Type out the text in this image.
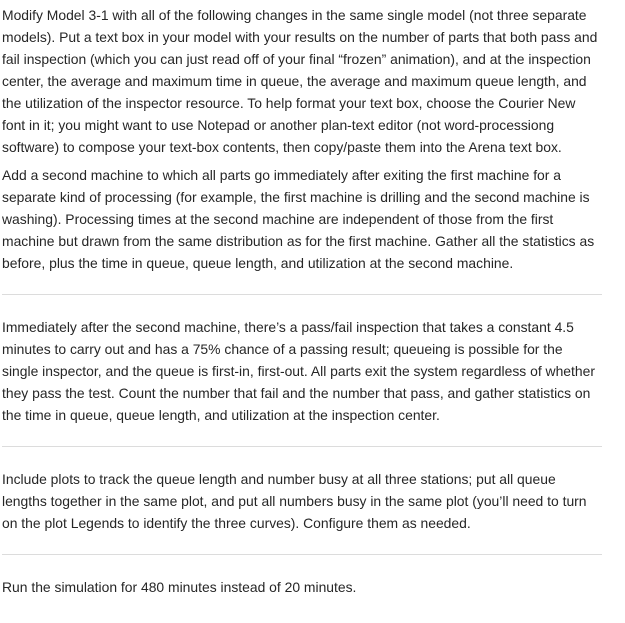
Modify Model 3-1 with all of the following changes in the same single model (not three separate
models). Put a text box in your model with your results on the number of parts that both pass and
fail inspection (which you can just read off of your final “frozen” animation), and at the inspection
center, the average and maximum time in queue, the average and maximum queue length, and
the utilization of the inspector resource. To help format your text box, choose the Courier New
font in it; you might want to use Notepad or another plan-text editor (not word-processiong
software) to compose your text-box contents, then copy/paste them into the Arena text box.

Add a second machine to which all parts go immediately after exiting the first machine for a
separate kind of processing (for example, the first machine is drilling and the second machine is
washing). Processing times at the second machine are independent of those from the first
machine but drawn from the same distribution as for the first machine. Gather all the statistics as
before, plus the time in queue, queue length, and utilization at the second machine.

Immediately after the second machine, there’s a pass/fail inspection that takes a constant 4.5
minutes to carry out and has a 75% chance of a passing result; queueing is possible for the
single inspector, and the queue is first-in, first-out. All parts exit the system regardless of whether
they pass the test. Count the number that fail and the number that pass, and gather statistics on
the time in queue, queue length, and utilization at the inspection center.

Include plots to track the queue length and number busy at all three stations; put all queue
lengths together in the same plot, and put all numbers busy in the same plot (you’ll need to turn
on the plot Legends to identify the three curves). Configure them as needed.

Run the simulation for 480 minutes instead of 20 minutes.
